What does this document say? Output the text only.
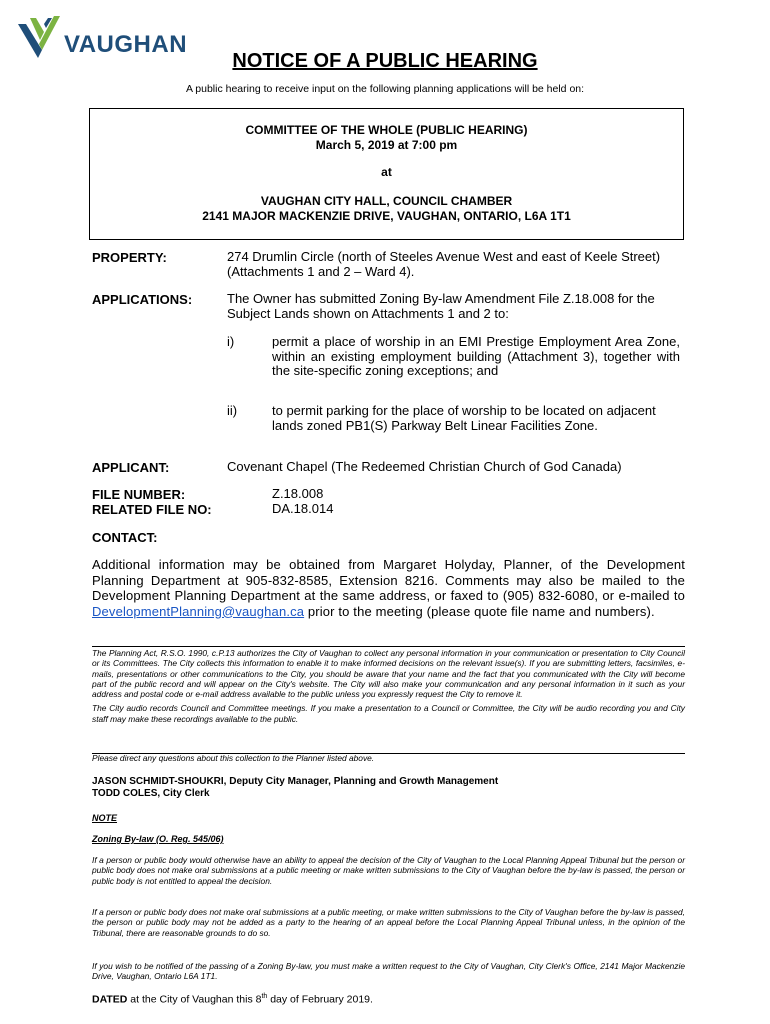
VAUGHAN
NOTICE OF A PUBLIC HEARING
A public hearing to receive input on the following planning applications will be held on:
COMMITTEE OF THE WHOLE (PUBLIC HEARING)
March 5, 2019 at 7:00 pm
at
VAUGHAN CITY HALL, COUNCIL CHAMBER
2141 MAJOR MACKENZIE DRIVE, VAUGHAN, ONTARIO, L6A 1T1
PROPERTY:	274 Drumlin Circle (north of Steeles Avenue West and east of Keele Street) (Attachments 1 and 2 – Ward 4).
APPLICATIONS:	The Owner has submitted Zoning By-law Amendment File Z.18.008 for the Subject Lands shown on Attachments 1 and 2 to:
i)	permit a place of worship in an EMI Prestige Employment Area Zone, within an existing employment building (Attachment 3), together with the site-specific zoning exceptions; and
ii)	to permit parking for the place of worship to be located on adjacent lands zoned PB1(S) Parkway Belt Linear Facilities Zone.
APPLICANT:	Covenant Chapel (The Redeemed Christian Church of God Canada)
FILE NUMBER:	Z.18.008
RELATED FILE NO:	DA.18.014
CONTACT:
Additional information may be obtained from Margaret Holyday, Planner, of the Development Planning Department at 905-832-8585, Extension 8216. Comments may also be mailed to the Development Planning Department at the same address, or faxed to (905) 832-6080, or e-mailed to DevelopmentPlanning@vaughan.ca prior to the meeting (please quote file name and numbers).

The Planning Act, R.S.O. 1990, c.P.13 authorizes the City of Vaughan to collect any personal information in your communication or presentation to City Council or its Committees. The City collects this information to enable it to make informed decisions on the relevant issue(s). If you are submitting letters, facsimiles, e-mails, presentations or other communications to the City, you should be aware that your name and the fact that you communicated with the City will become part of the public record and will appear on the City's website. The City will also make your communication and any personal information in it such as your address and postal code or e-mail address available to the public unless you expressly request the City to remove it.

The City audio records Council and Committee meetings. If you make a presentation to a Council or Committee, the City will be audio recording you and City staff may make these recordings available to the public.

Please direct any questions about this collection to the Planner listed above.
JASON SCHMIDT-SHOUKRI, Deputy City Manager, Planning and Growth Management
TODD COLES, City Clerk
NOTE
Zoning By-law (O. Reg. 545/06)
If a person or public body would otherwise have an ability to appeal the decision of the City of Vaughan to the Local Planning Appeal Tribunal but the person or public body does not make oral submissions at a public meeting or make written submissions to the City of Vaughan before the by-law is passed, the person or public body is not entitled to appeal the decision.
If a person or public body does not make oral submissions at a public meeting, or make written submissions to the City of Vaughan before the by-law is passed, the person or public body may not be added as a party to the hearing of an appeal before the Local Planning Appeal Tribunal unless, in the opinion of the Tribunal, there are reasonable grounds to do so.
If you wish to be notified of the passing of a Zoning By-law, you must make a written request to the City of Vaughan, City Clerk's Office, 2141 Major Mackenzie Drive, Vaughan, Ontario L6A 1T1.
DATED at the City of Vaughan this 8th day of February 2019.
